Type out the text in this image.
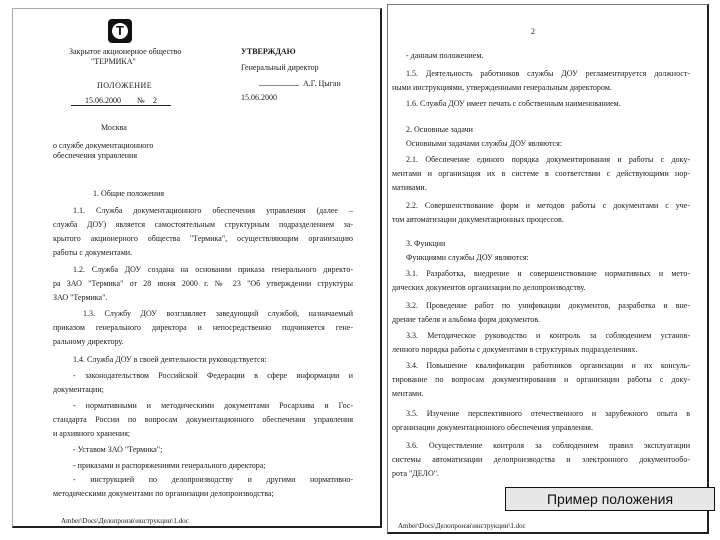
Т
Закрытое акционерное общество
"ТЕРМИКА"
ПОЛОЖЕНИЕ
15.06.2000 № 2
Москва
УТВЕРЖДАЮ
Генеральный директор
А.Г. Цыган
15.06.2000
о службе документационного
обеспечения управления
Amber\Docs\Делопроизв\инструкции\1.doc
1. Общие положения
1.1. Служба документационного обеспечения управления (далее –
служба ДОУ) является самостоятельным структурным подразделением за-
крытого акционерного общества "Термика", осуществляющим организацию
работы с документами.
1.2. Служба ДОУ создана на основании приказа генерального директо-
ра ЗАО "Термика" от 28 июня 2000 г. № 23 "Об утверждении структуры
ЗАО "Термика".
1.3. Службу ДОУ возглавляет заведующий службой, назначаемый
приказом генерального директора и непосредственно подчиняется гене-
ральному директору.
1.4. Служба ДОУ в своей деятельности руководствуется:
- законодательством Российской Федерации в сфере информации и
документации;
- нормативными и методическими документами Росархива и Гос-
стандарта России по вопросам документационного обеспечения управления
и архивного хранения;
- Уставом ЗАО "Термика";
- приказами и распоряжениями генерального директора;
- инструкцией по делопроизводству и другими нормативно-
методическими документами по организации делопроизводства;
2
Amber\Docs\Делопроизв\инструкции\1.doc
- данным положением.
1.5. Деятельность работников службы ДОУ регламентируется должност-
ными инструкциями, утвержденными генеральным директором.
1.6. Служба ДОУ имеет печать с собственным наименованием.
2. Основные задачи
Основными задачами службы ДОУ являются:
2.1. Обеспечение единого порядка документирования и работы с доку-
ментами и организация их в системе в соответствии с действующими нор-
мативами.
2.2. Совершенствование форм и методов работы с документами с уче-
том автоматизации документационных процессов.
3. Функции
Функциями службы ДОУ являются:
3.1. Разработка, внедрение и совершенствование нормативных и мето-
дических документов организации по делопроизводству.
3.2. Проведение работ по унификации документов, разработка и вне-
дрение табеля и альбома форм документов.
3.3. Методическое руководство и контроль за соблюдением установ-
ленного порядка работы с документами в структурных подразделениях.
3.4. Повышение квалификации работников организации и их консуль-
тирование по вопросам документирования и организации работы с доку-
ментами.
3.5. Изучение перспективного отечественного и зарубежного опыта в
организации документационного обеспечения управления.
3.6. Осуществление контроля за соблюдением правил эксплуатации
системы автоматизации делопроизводства и электронного документообо-
рота "ДЕЛО".
Пример положения
